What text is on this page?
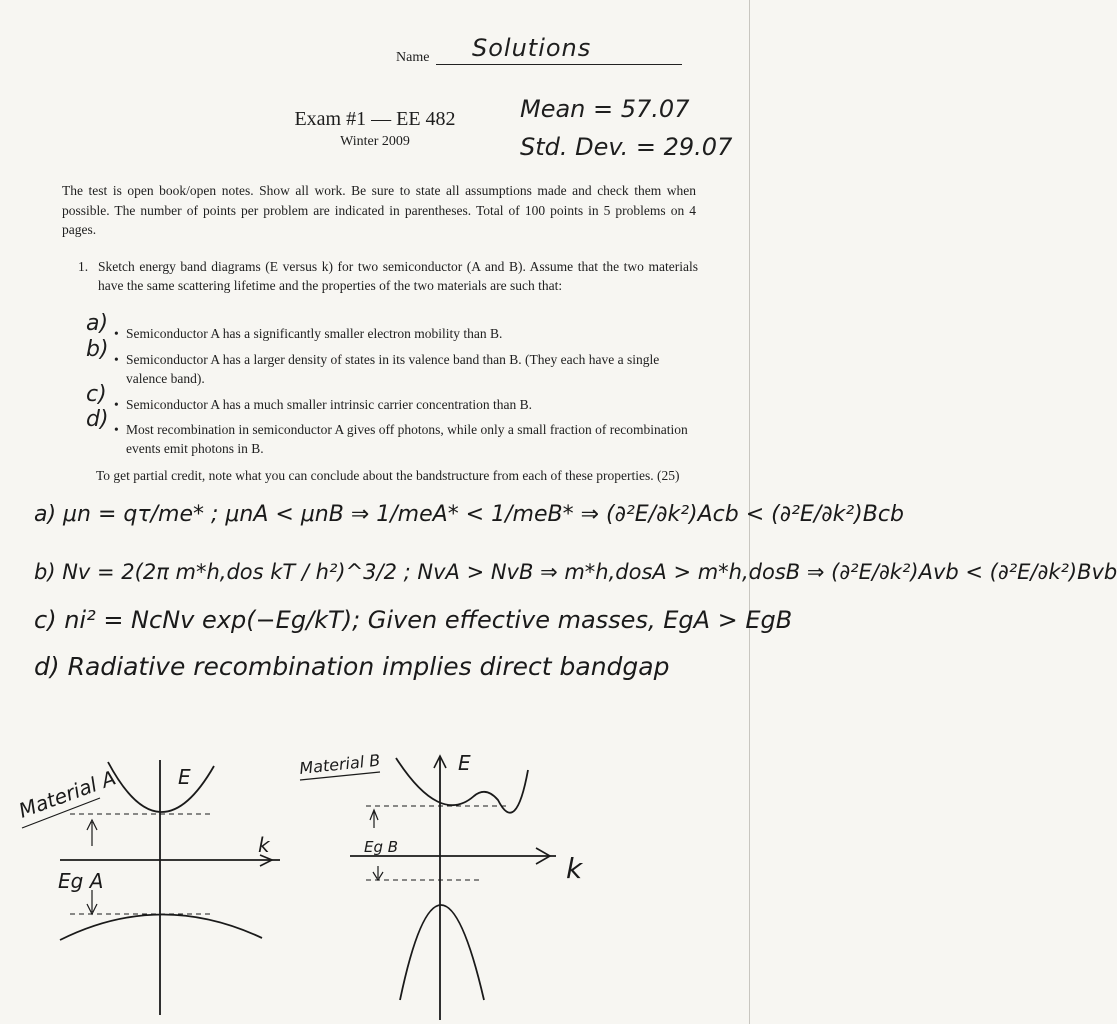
Name Solutions
Exam #1 — EE 482
Winter 2009
Mean = 57.07
Std. Dev. = 29.07
The test is open book/open notes. Show all work. Be sure to state all assumptions made and check them when possible. The number of points per problem are indicated in parentheses. Total of 100 points in 5 problems on 4 pages.
1. Sketch energy band diagrams (E versus k) for two semiconductor (A and B). Assume that the two materials have the same scattering lifetime and the properties of the two materials are such that:
a) • Semiconductor A has a significantly smaller electron mobility than B.
b) • Semiconductor A has a larger density of states in its valence band than B. (They each have a single valence band).
c) • Semiconductor A has a much smaller intrinsic carrier concentration than B.
d) • Most recombination in semiconductor A gives off photons, while only a small fraction of recombination events emit photons in B.
To get partial credit, note what you can conclude about the bandstructure from each of these properties. (25)
a) μn = qτ/me* ; μnA < μnB ⇒ 1/meA* < 1/meB* ⇒ (∂²E/∂k²)Acb < (∂²E/∂k²)Bcb
b) Nv = 2(2π m*h,dos kT / h²)^3/2 ; NvA > NvB ⇒ m*h,dosA > m*h,dosB ⇒ (∂²E/∂k²)Avb < (∂²E/∂k²)Bvb
c) ni² = NcNv exp(−Eg/kT); Given effective masses, EgA > EgB
d) Radiative recombination implies direct bandgap
Material A	E
k
Eg A
Material B	E
k
Eg B
